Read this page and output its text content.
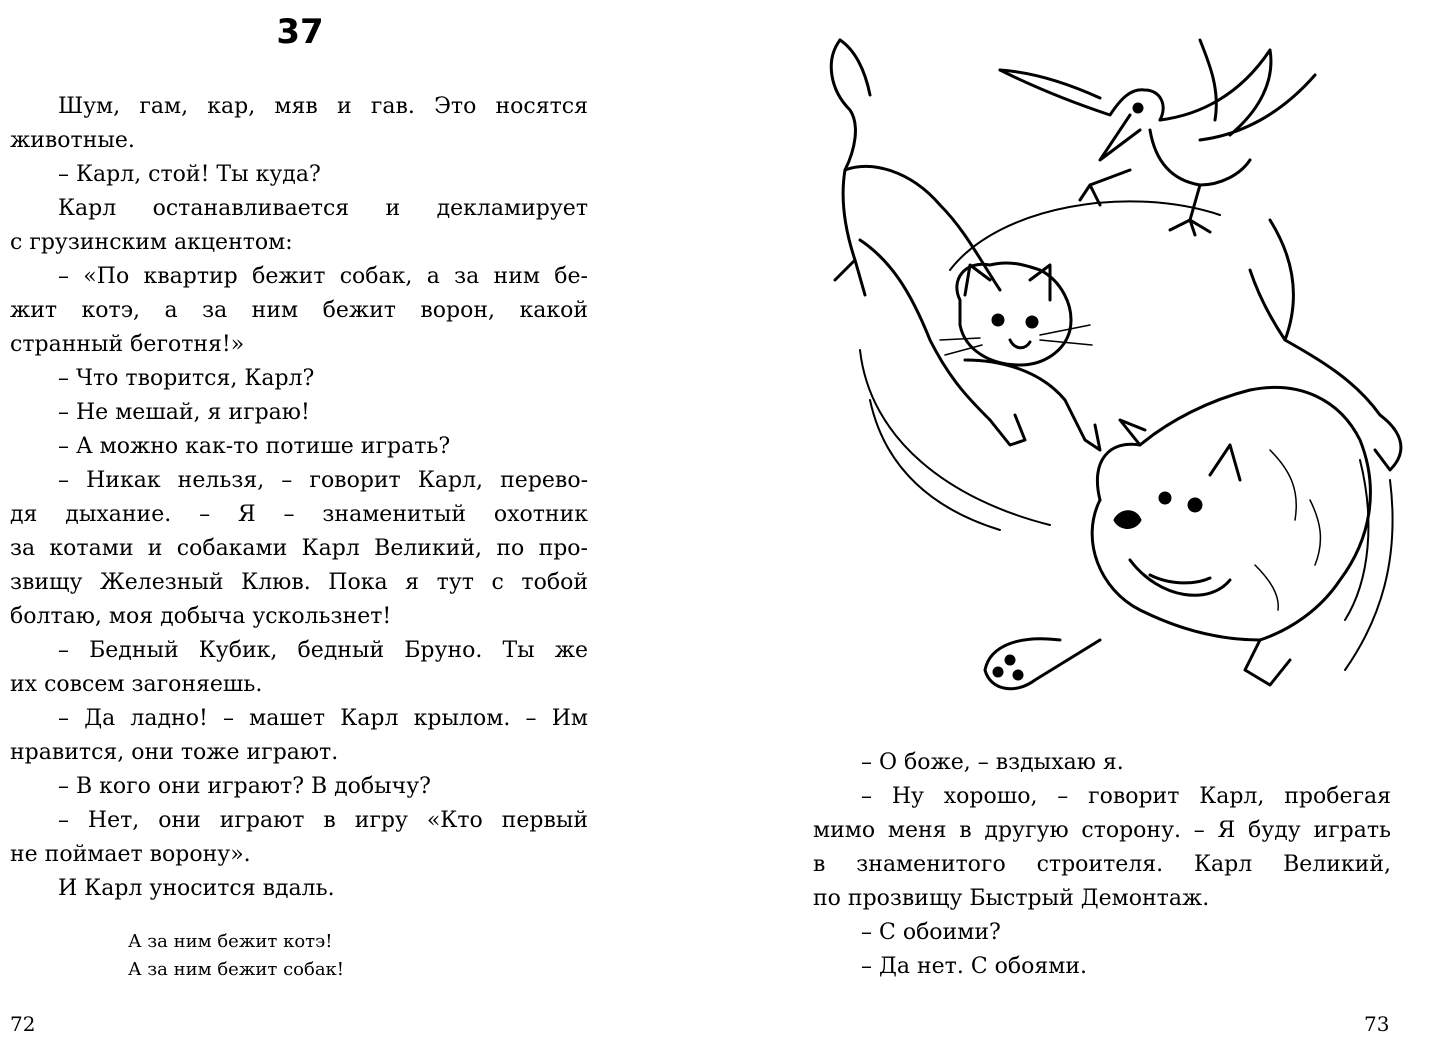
37

Шум, гам, кар, мяв и гав. Это носятся

животные.

– Карл, стой! Ты куда?

Карл останавливается и декламирует

с грузинским акцентом:

– «По квартир бежит собак, а за ним бе-

жит котэ, а за ним бежит ворон, какой

странный беготня!»

– Что творится, Карл?

– Не мешай, я играю!

– А можно как-то потише играть?

– Никак нельзя, – говорит Карл, перево-

дя дыхание. – Я – знаменитый охотник

за котами и собаками Карл Великий, по про-

звищу Железный Клюв. Пока я тут с тобой

болтаю, моя добыча ускользнет!

– Бедный Кубик, бедный Бруно. Ты же

их совсем загоняешь.

– Да ладно! – машет Карл крылом. – Им

нравится, они тоже играют.

– В кого они играют? В добычу?

– Нет, они играют в игру «Кто первый

не поймает ворону».

И Карл уносится вдаль.

А за ним бежит котэ!
А за ним бежит собак!
72

– О боже, – вздыхаю я.

– Ну хорошо, – говорит Карл, пробегая

мимо меня в другую сторону. – Я буду играть

в знаменитого строителя. Карл Великий,

по прозвищу Быстрый Демонтаж.

– С обоими?

– Да нет. С обоями.

73
